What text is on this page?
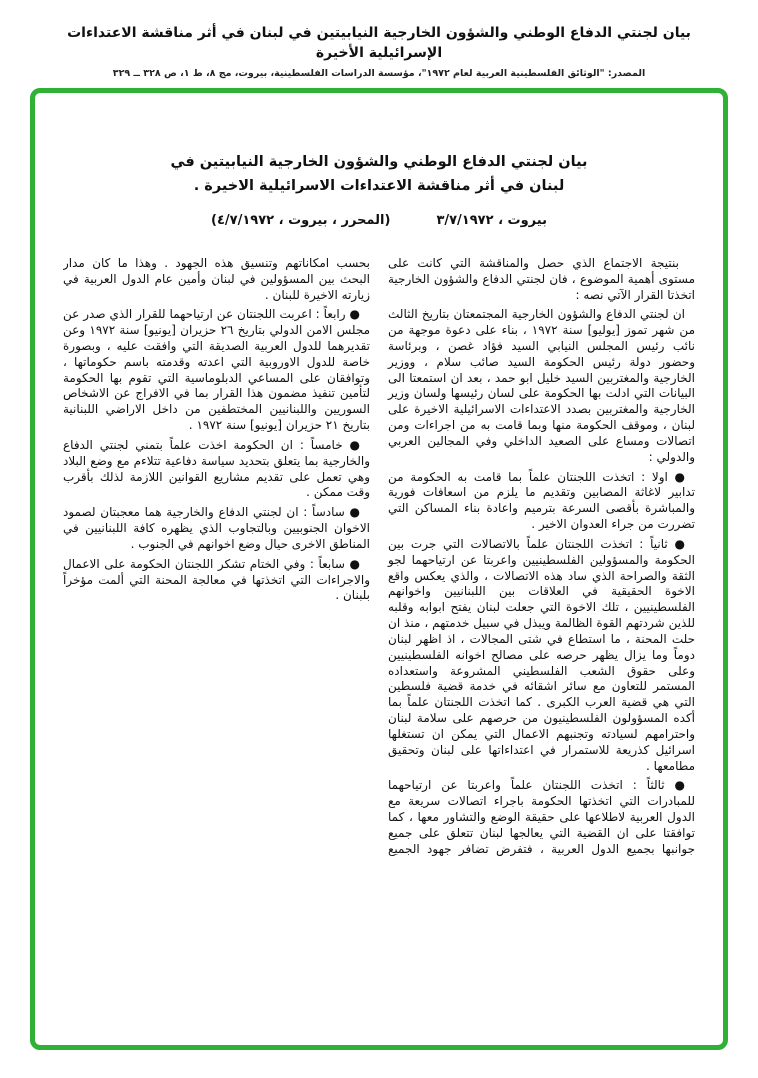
بيان لجنتي الدفاع الوطني والشؤون الخارجية النيابيتين في لبنان في أثر مناقشة الاعتداءات الإسرائيلية الأخيرة
المصدر: "الوثائق الفلسطينية العربية لعام ١٩٧٢"، مؤسسة الدراسات الفلسطينية، بيروت، مج ٨، ط ١، ص ٣٢٨ ــ ٣٢٩
بيان لجنتي الدفاع الوطني والشؤون الخارجية النيابيتين في
لبنان في أثر مناقشة الاعتداءات الاسرائيلية الاخيرة .
بيروت ، ٣/٧/١٩٧٢
(المحرر ، بيروت ، ٤/٧/١٩٧٢)

بنتيجة الاجتماع الذي حصل والمناقشة التي كانت على مستوى أهمية الموضوع ، فان لجنتي الدفاع والشؤون الخارجية اتخذتا القرار الآتي نصه :

ان لجنتي الدفاع والشؤون الخارجية المجتمعتان بتاريخ الثالث من شهر تموز [يوليو] سنة ١٩٧٢ ، بناء على دعوة موجهة من نائب رئيس المجلس النيابي السيد فؤاد غصن ، وبرئاسة وحضور دولة رئيس الحكومة السيد صائب سلام ، ووزير الخارجية والمغتربين السيد خليل ابو حمد ، بعد ان استمعتا الى البيانات التي ادلت بها الحكومة على لسان رئيسها ولسان وزير الخارجية والمغتربين بصدد الاعتداءات الاسرائيلية الاخيرة على لبنان ، وموقف الحكومة منها وبما قامت به من اجراءات ومن اتصالات ومساع على الصعيد الداخلي وفي المجالين العربي والدولي :

● اولا : اتخذت اللجنتان علماً بما قامت به الحكومة من تدابير لاغاثة المصابين وتقديم ما يلزم من اسعافات فورية والمباشرة بأقصى السرعة بترميم واعادة بناء المساكن التي تضررت من جراء العدوان الاخير .

● ثانياً : اتخذت اللجنتان علماً بالاتصالات التي جرت بين الحكومة والمسؤولين الفلسطينيين واعربتا عن ارتياحهما لجو الثقة والصراحة الذي ساد هذه الاتصالات ، والذي يعكس واقع الاخوة الحقيقية في العلاقات بين اللبنانيين واخوانهم الفلسطينيين ، تلك الاخوة التي جعلت لبنان يفتح ابوابه وقلبه للذين شردتهم القوة الظالمة ويبذل في سبيل خدمتهم ، منذ ان حلت المحنة ، ما استطاع في شتى المجالات ، اذ اظهر لبنان دوماً وما يزال يظهر حرصه على مصالح اخوانه الفلسطينيين وعلى حقوق الشعب الفلسطيني المشروعة واستعداده المستمر للتعاون مع سائر اشقائه في خدمة قضية فلسطين التي هي قضية العرب الكبرى . كما اتخذت اللجنتان علماً بما أكده المسؤولون الفلسطينيون من حرصهم على سلامة لبنان واحترامهم لسيادته وتجنبهم الاعمال التي يمكن ان تستغلها اسرائيل كذريعة للاستمرار في اعتداءاتها على لبنان وتحقيق مطامعها .

● ثالثاً : اتخذت اللجنتان علماً واعربتا عن ارتياحهما للمبادرات التي اتخذتها الحكومة باجراء اتصالات سريعة مع الدول العربية لاطلاعها على حقيقة الوضع والتشاور معها ، كما توافقتا على ان القضية التي يعالجها لبنان تتعلق على جميع جوانبها بجميع الدول العربية ، فتفرض تضافر جهود الجميع بحسب امكاناتهم وتنسيق هذه الجهود . وهذا ما كان مدار البحث بين المسؤولين في لبنان وأمين عام الدول العربية في زيارته الاخيرة للبنان .

● رابعاً : اعربت اللجنتان عن ارتياحهما للقرار الذي صدر عن مجلس الامن الدولي بتاريخ ٢٦ حزيران [يونيو] سنة ١٩٧٢ وعن تقديرهما للدول العربية الصديقة التي وافقت عليه ، وبصورة خاصة للدول الاوروبية التي اعدته وقدمته باسم حكوماتها ، وتوافقان على المساعي الدبلوماسية التي تقوم بها الحكومة لتأمين تنفيذ مضمون هذا القرار بما في الافراج عن الاشخاص السوريين واللبنانيين المختطفين من داخل الاراضي اللبنانية بتاريخ ٢١ حزيران [يونيو] سنة ١٩٧٢ .

● خامساً : ان الحكومة اخذت علماً بتمني لجنتي الدفاع والخارجية بما يتعلق بتحديد سياسة دفاعية تتلاءم مع وضع البلاد وهي تعمل على تقديم مشاريع القوانين اللازمة لذلك بأقرب وقت ممكن .

● سادساً : ان لجنتي الدفاع والخارجية هما معجبتان لصمود الاخوان الجنوبيين وبالتجاوب الذي يظهره كافة اللبنانيين في المناطق الاخرى حيال وضع اخوانهم في الجنوب .

● سابعاً : وفي الختام تشكر اللجنتان الحكومة على الاعمال والاجراءات التي اتخذتها في معالجة المحنة التي ألمت مؤخراً بلبنان .
